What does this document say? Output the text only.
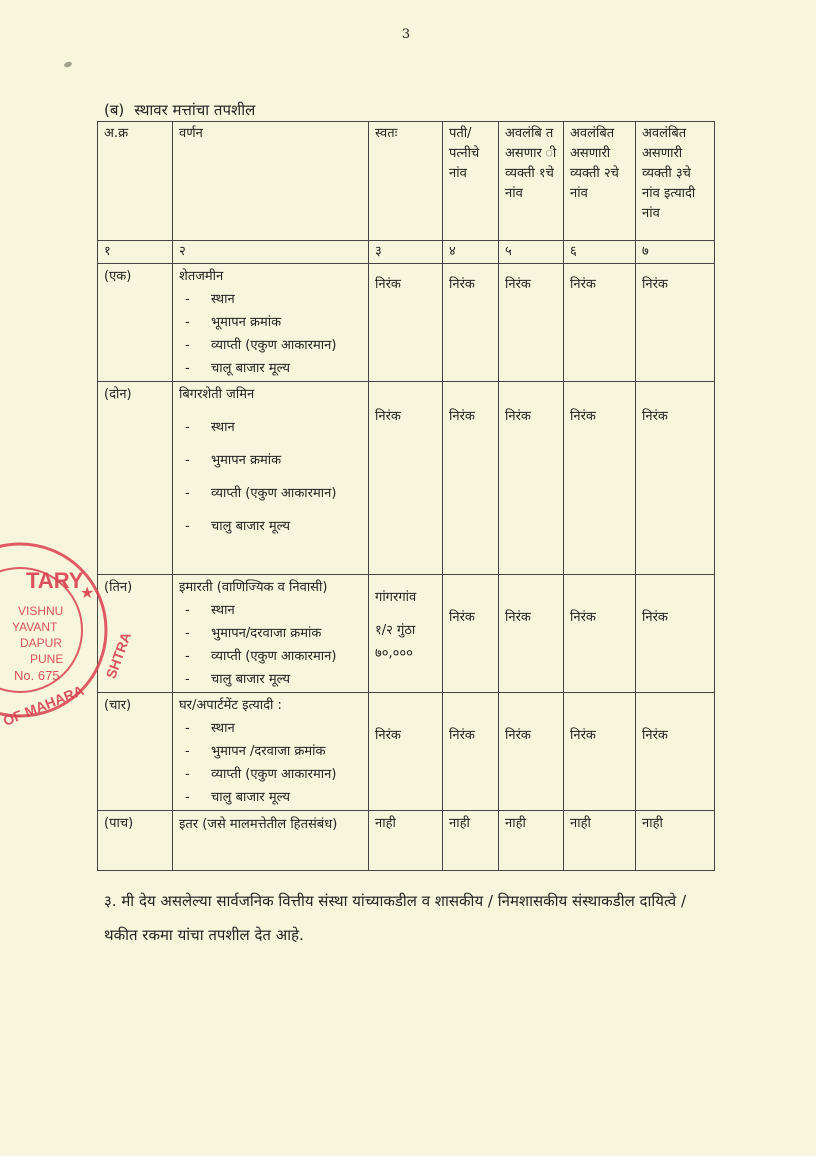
3
(ब) स्थावर मत्तांचा तपशील
अ.क्र	वर्णन	स्वतः	पती/ पत्नीचे नांव	अवलंबि त असणार ी व्यक्ती १चे नांव	अवलंबित असणारी व्यक्ती २चे नांव	अवलंबित असणारी व्यक्ती ३चे नांव इत्यादी नांव
१	२	३	४	५	६	७
(एक)	शेतजमीन
- स्थान
- भूमापन क्रमांक
- व्याप्ती (एकुण आकारमान)
- चालू बाजार मूल्य	निरंक	निरंक	निरंक	निरंक	निरंक

(दोन)	बिगरशेती जमिन
- स्थान
- भुमापन क्रमांक
- व्याप्ती (एकुण आकारमान)
- चालु बाजार मूल्य	निरंक	निरंक	निरंक	निरंक	निरंक

(तिन)	इमारती (वाणिज्यिक व निवासी)
- स्थान
- भुमापन/दरवाजा क्रमांक
- व्याप्ती (एकुण आकारमान)
- चालु बाजार मूल्य	गांगरगांव
१/२ गुंठा
७०,०००	निरंक	निरंक	निरंक	निरंक

(चार)	घर/अपार्टमेंट इत्यादी :
- स्थान
- भुमापन /दरवाजा क्रमांक
- व्याप्ती (एकुण आकारमान)
- चालु बाजार मूल्य	निरंक	निरंक	निरंक	निरंक	निरंक

(पाच)	इतर (जसे मालमत्तेतील हितसंबंध)	नाही	नाही	नाही	नाही	नाही
३. मी देय असलेल्या सार्वजनिक वित्तीय संस्था यांच्याकडील व शासकीय / निमशासकीय संस्थाकडील दायित्वे / थकीत रकमा यांचा तपशील देत आहे.
TARY
★
VISHNU
YAVANT
DAPUR
PUNE
No. 675
OF MAHARA
SHTRA
